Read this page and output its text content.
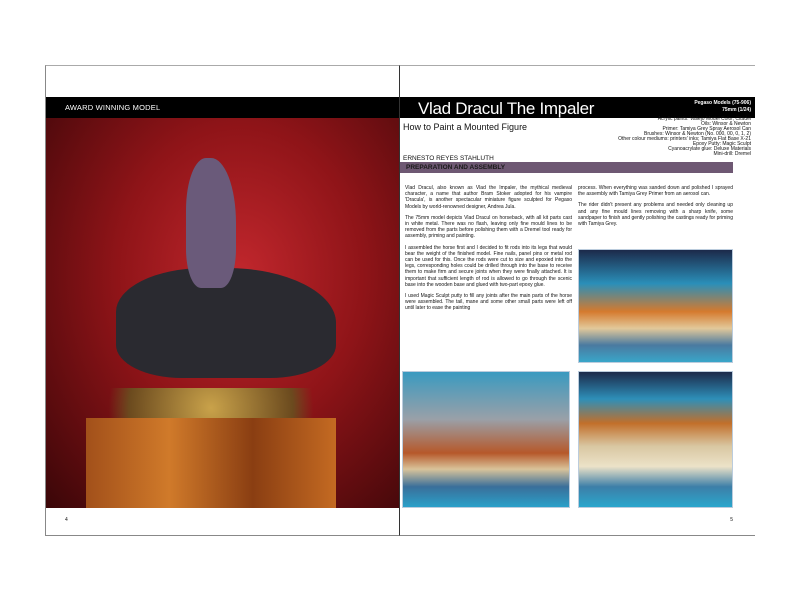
AWARD WINNING MODEL
4
Vlad Dracul The Impaler	Pegaso Models (75-906)
75mm (1/24)
How to Paint a Mounted Figure
ERNESTO REYES STAHLUTH
Acrylic paints: Vallejo Model Color, Citadel
Oils: Winsor & Newton
Primer: Tamiya Grey Spray Aerosol Can
Brushes: Winsor & Newton (No. 000, 00, 0, 1, 2)
Other colour mediums: printers' inks; Tamiya Flat Base X-21
Epoxy Putty: Magic Sculpt
Cyanoacrylate glue: Deluxe Materials
Mini-drill: Dremel
PREPARATION AND ASSEMBLY

Vlad Dracul, also known as Vlad the Impaler, the mythical medieval character, a name that author Bram Stoker adopted for his vampire 'Dracula', is another spectacular miniature figure sculpted for Pegaso Models by world-renowned designer, Andrea Jula.

The 75mm model depicts Vlad Dracul on horseback, with all kit parts cast in white metal. There was no flash, leaving only fine mould lines to be removed from the parts before polishing them with a Dremel tool ready for assembly, priming and painting.

I assembled the horse first and I decided to fit rods into its legs that would bear the weight of the finished model. Fine nails, panel pins or metal rod can be used for this. Once the rods were cut to size and epoxied into the legs, corresponding holes could be drilled through into the base to receive them to make firm and secure joints when they were finally attached. It is important that sufficient length of rod is allowed to go through the scenic base into the wooden base and glued with two-part epoxy glue.

I used Magic Sculpt putty to fill any joints after the main parts of the horse were assembled. The tail, mane and some other small parts were left off until later to ease the painting

process. When everything was sanded down and polished I sprayed the assembly with Tamiya Grey Primer from an aerosol can.

The rider didn't present any problems and needed only cleaning up and any fine mould lines removing with a sharp knife, some sandpaper to finish and gently polishing the castings ready for priming with Tamiya Grey.

5
